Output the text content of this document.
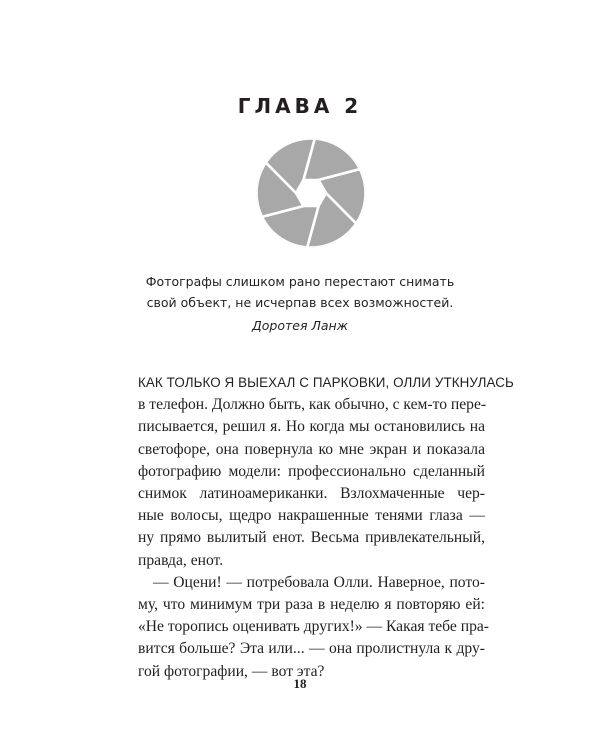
ГЛАВА 2
Фотографы слишком рано перестают снимать
свой объект, не исчерпав всех возможностей.
Доротея Ланж
КАК ТОЛЬКО Я ВЫЕХАЛ С ПАРКОВКИ, ОЛЛИ УТКНУЛАСЬ
в телефон. Должно быть, как обычно, с кем-то пере-
писывается, решил я. Но когда мы остановились на
светофоре, она повернула ко мне экран и показала
фотографию модели: профессионально сделанный
снимок латиноамериканки. Взлохмаченные чер-
ные волосы, щедро накрашенные тенями глаза —
ну прямо вылитый енот. Весьма привлекательный,
правда, енот.
— Оцени! — потребовала Олли. Наверное, пото-
му, что минимум три раза в неделю я повторяю ей:
«Не торопись оценивать других!» — Какая тебе пра-
вится больше? Эта или... — она пролистнула к дру-
гой фотографии, — вот эта?
18
